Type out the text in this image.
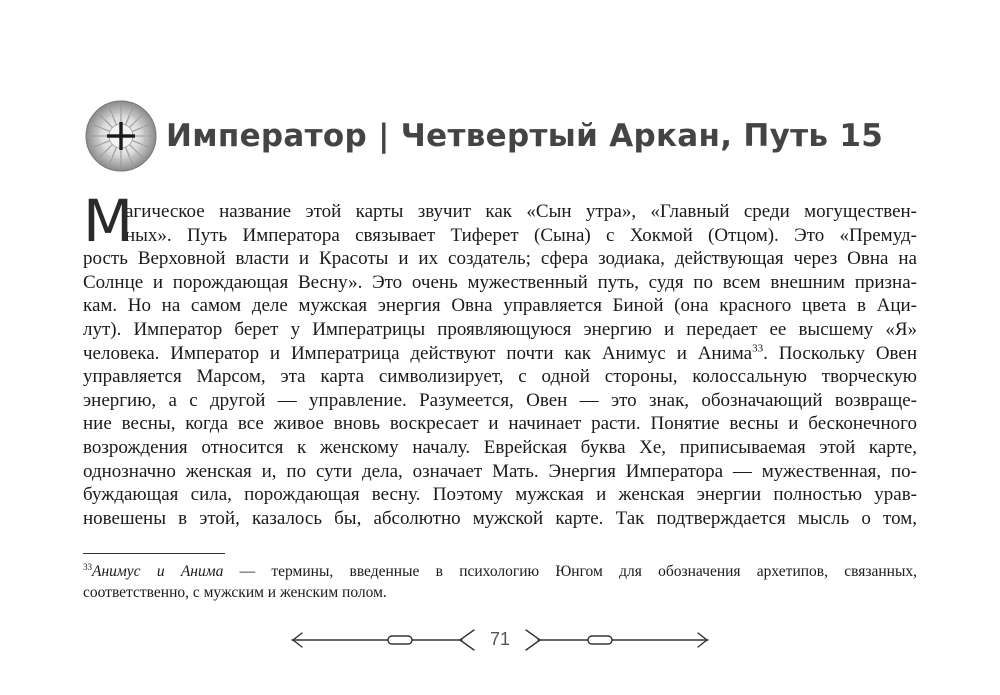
Император | Четвертый Аркан, Путь 15
М
агическое название этой карты звучит как «Сын утра», «Главный среди могуществен-
ных». Путь Императора связывает Тиферет (Сына) с Хокмой (Отцом). Это «Премуд-
рость Верховной власти и Красоты и их создатель; сфера зодиака, действующая через Овна на
Солнце и порождающая Весну». Это очень мужественный путь, судя по всем внешним призна-
кам. Но на самом деле мужская энергия Овна управляется Биной (она красного цвета в Аци-
лут). Император берет у Императрицы проявляющуюся энергию и передает ее высшему «Я»
человека. Император и Императрица действуют почти как Анимус и Анима$^{33}$. Поскольку Овен
управляется Марсом, эта карта символизирует, с одной стороны, колоссальную творческую
энергию, а с другой — управление. Разумеется, Овен — это знак, обозначающий возвраще-
ние весны, когда все живое вновь воскресает и начинает расти. Понятие весны и бесконечного
возрождения относится к женскому началу. Еврейская буква Хе, приписываемая этой карте,
однозначно женская и, по сути дела, означает Мать. Энергия Императора — мужественная, по-
буждающая сила, порождающая весну. Поэтому мужская и женская энергии полностью урав-
новешены в этой, казалось бы, абсолютно мужской карте. Так подтверждается мысль о том,
$^{33}$Анимус и Анима — термины, введенные в психологию Юнгом для обозначения архетипов, связанных,
соответственно, с мужским и женским полом.
71
